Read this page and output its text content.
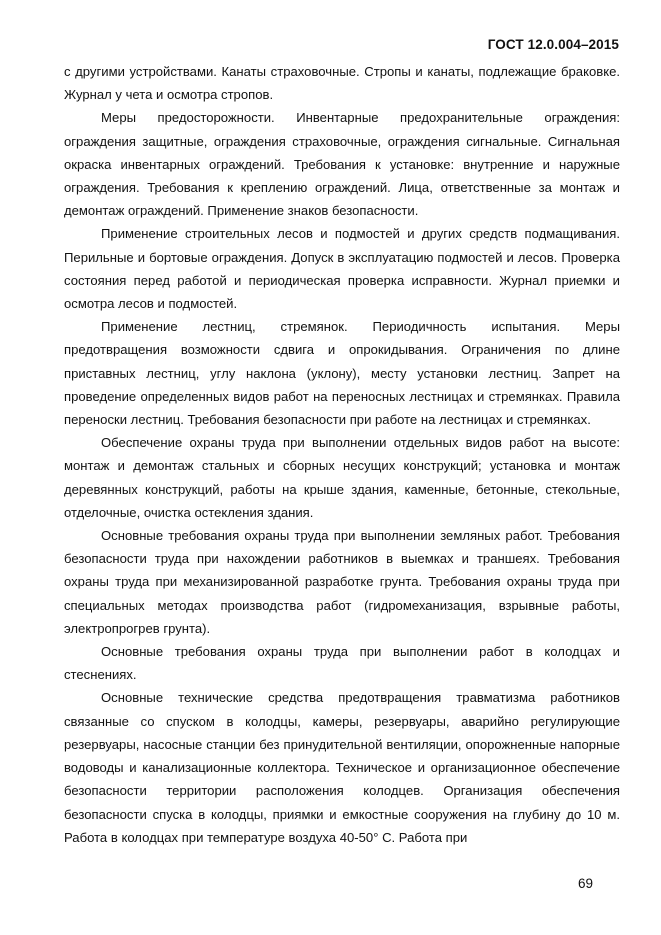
ГОСТ 12.0.004–2015

с другими устройствами. Канаты страховочные. Стропы и канаты, подлежащие браковке. Журнал у чета и осмотра стропов.

Меры предосторожности. Инвентарные предохранительные ограждения: ограждения защитные, ограждения страховочные, ограждения сигнальные. Сигнальная окраска инвентарных ограждений. Требования к установке: внутренние и наружные ограждения. Требования к креплению ограждений. Лица, ответственные за монтаж и демонтаж ограждений. Применение знаков безопасности.

Применение строительных лесов и подмостей и других средств подмащивания. Перильные и бортовые ограждения. Допуск в эксплуатацию подмостей и лесов. Проверка состояния перед работой и периодическая проверка исправности. Журнал приемки и осмотра лесов и подмостей.

Применение лестниц, стремянок. Периодичность испытания. Меры предотвращения возможности сдвига и опрокидывания. Ограничения по длине приставных лестниц, углу наклона (уклону), месту установки лестниц. Запрет на проведение определенных видов работ на переносных лестницах и стремянках. Правила переноски лестниц. Требования безопасности при работе на лестницах и стремянках.

Обеспечение охраны труда при выполнении отдельных видов работ на высоте: монтаж и демонтаж стальных и сборных несущих конструкций; установка и монтаж деревянных конструкций, работы на крыше здания, каменные, бетонные, стекольные, отделочные, очистка остекления здания.

Основные требования охраны труда при выполнении земляных работ. Требования безопасности труда при нахождении работников в выемках и траншеях. Требования охраны труда при механизированной разработке грунта. Требования охраны труда при специальных методах производства работ (гидромеханизация, взрывные работы, электропрогрев грунта).

Основные требования охраны труда при выполнении работ в колодцах и стеснениях.

Основные технические средства предотвращения травматизма работников связанные со спуском в колодцы, камеры, резервуары, аварийно регулирующие резервуары, насосные станции без принудительной вентиляции, опорожненные напорные водоводы и канализационные коллектора. Техническое и организационное обеспечение безопасности территории расположения колодцев. Организация обеспечения безопасности спуска в колодцы, приямки и емкостные сооружения на глубину до 10 м. Работа в колодцах при температуре воздуха 40-50° С. Работа при

69
